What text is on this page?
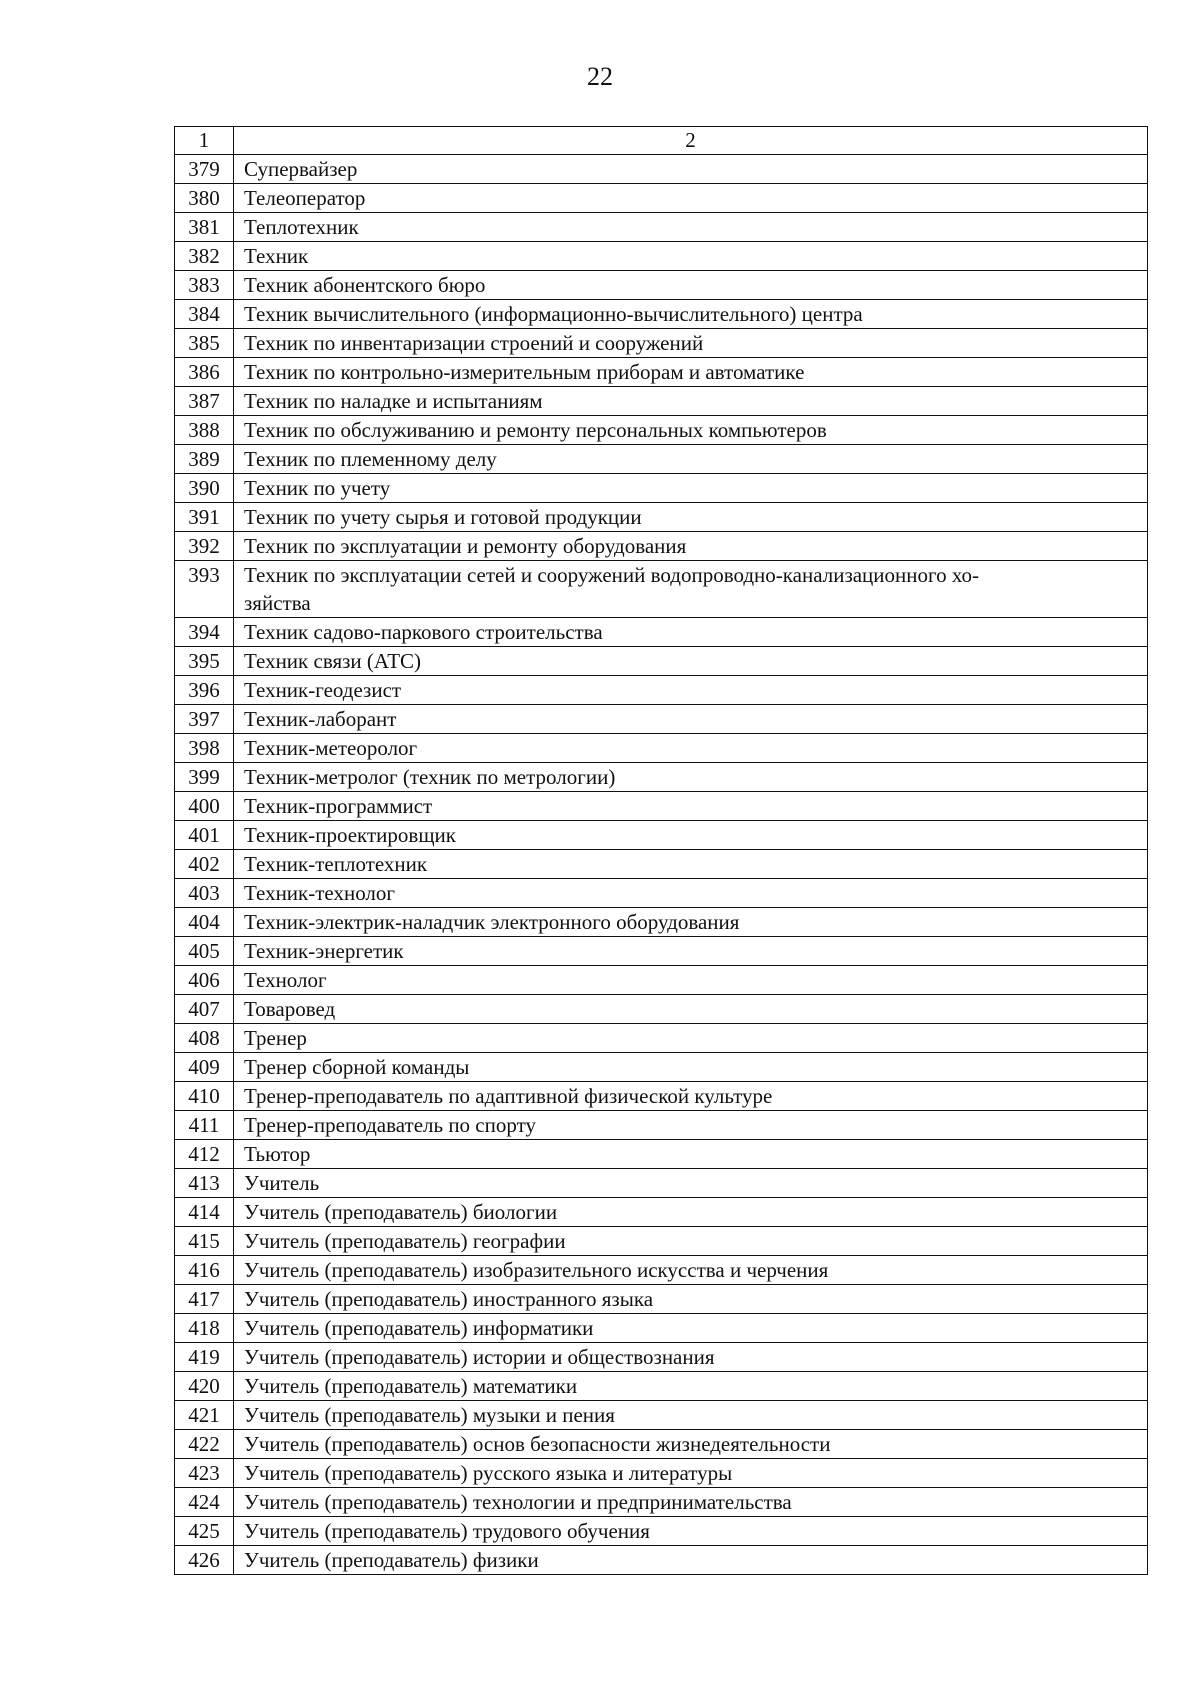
22
1	2
379	Супервайзер

380	Телеоператор

381	Теплотехник

382	Техник

383	Техник абонентского бюро

384	Техник вычислительного (информационно-вычислительного) центра

385	Техник по инвентаризации строений и сооружений

386	Техник по контрольно-измерительным приборам и автоматике

387	Техник по наладке и испытаниям

388	Техник по обслуживанию и ремонту персональных компьютеров

389	Техник по племенному делу

390	Техник по учету

391	Техник по учету сырья и готовой продукции

392	Техник по эксплуатации и ремонту оборудования

393	Техник по эксплуатации сетей и сооружений водопроводно-канализационного хо-
зяйства

394	Техник садово-паркового строительства

395	Техник связи (АТС)

396	Техник-геодезист

397	Техник-лаборант

398	Техник-метеоролог

399	Техник-метролог (техник по метрологии)

400	Техник-программист

401	Техник-проектировщик

402	Техник-теплотехник

403	Техник-технолог

404	Техник-электрик-наладчик электронного оборудования

405	Техник-энергетик

406	Технолог

407	Товаровед

408	Тренер

409	Тренер сборной команды

410	Тренер-преподаватель по адаптивной физической культуре

411	Тренер-преподаватель по спорту

412	Тьютор

413	Учитель

414	Учитель (преподаватель) биологии

415	Учитель (преподаватель) географии

416	Учитель (преподаватель) изобразительного искусства и черчения

417	Учитель (преподаватель) иностранного языка

418	Учитель (преподаватель) информатики

419	Учитель (преподаватель) истории и обществознания

420	Учитель (преподаватель) математики

421	Учитель (преподаватель) музыки и пения

422	Учитель (преподаватель) основ безопасности жизнедеятельности

423	Учитель (преподаватель) русского языка и литературы

424	Учитель (преподаватель) технологии и предпринимательства

425	Учитель (преподаватель) трудового обучения

426	Учитель (преподаватель) физики
